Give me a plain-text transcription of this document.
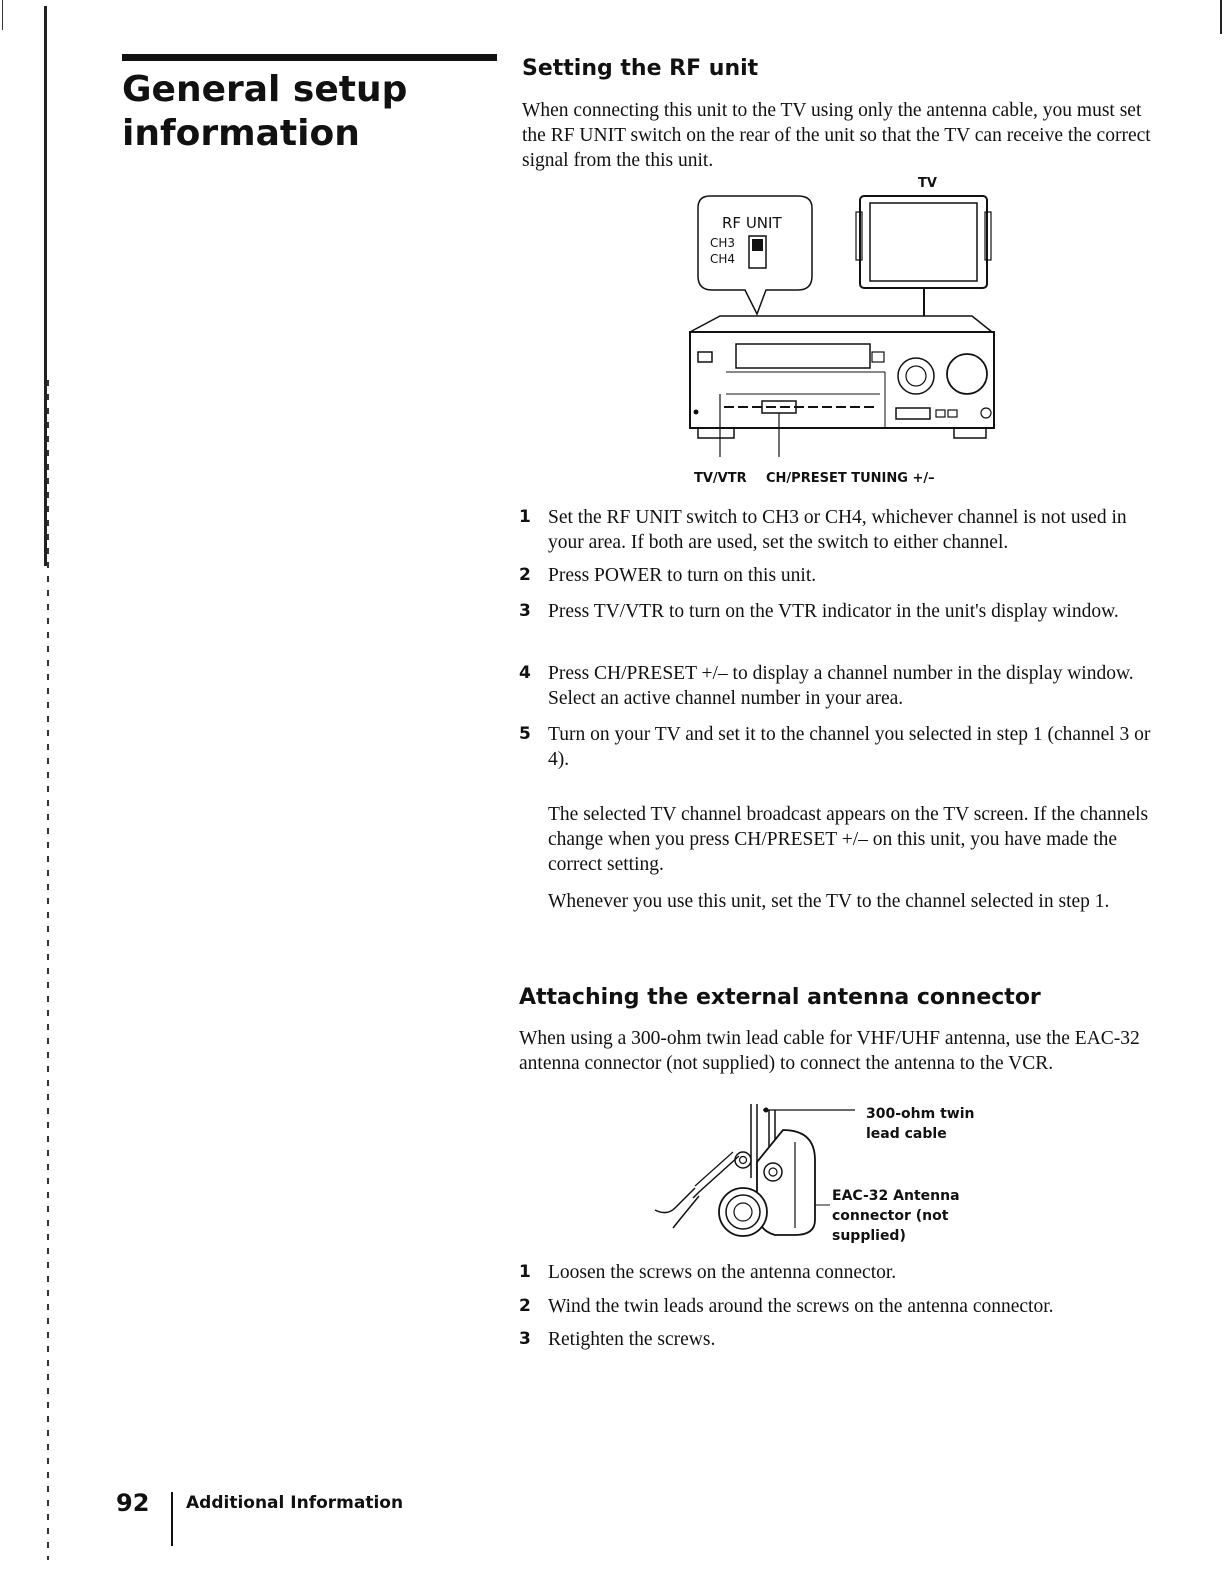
General setup information
Setting the RF unit

When connecting this unit to the TV using only the antenna cable, you must set the RF UNIT switch on the rear of the unit so that the TV can receive the correct signal from the this unit.

TV
RF UNIT
CH3
CH4
TV/VTR CH/PRESET TUNING +/–
1 Set the RF UNIT switch to CH3 or CH4, whichever channel is not used in your area. If both are used, set the switch to either channel.
2 Press POWER to turn on this unit.
3 Press TV/VTR to turn on the VTR indicator in the unit's display window.
4 Press CH/PRESET +/– to display a channel number in the display window. Select an active channel number in your area.
5 Turn on your TV and set it to the channel you selected in step 1 (channel 3 or 4).

The selected TV channel broadcast appears on the TV screen. If the channels change when you press CH/PRESET +/– on this unit, you have made the correct setting.

Whenever you use this unit, set the TV to the channel selected in step 1.

Attaching the external antenna connector

When using a 300-ohm twin lead cable for VHF/UHF antenna, use the EAC-32 antenna connector (not supplied) to connect the antenna to the VCR.

300-ohm twin
lead cable
EAC-32 Antenna
connector (not
supplied)
1 Loosen the screws on the antenna connector.
2 Wind the twin leads around the screws on the antenna connector.
3 Retighten the screws.
92 Additional Information
